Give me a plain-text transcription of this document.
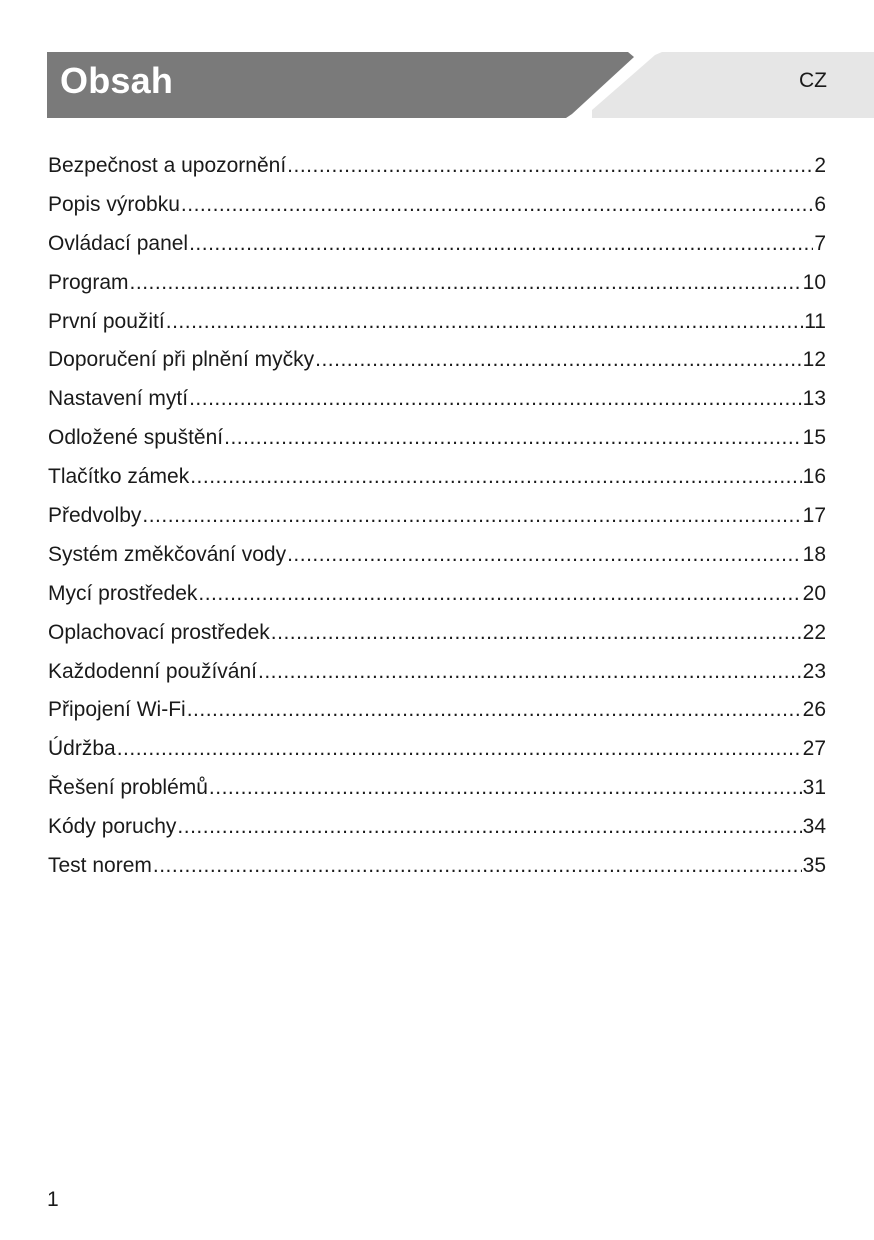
Obsah	CZ
Bezpečnost a upozornění .....	2
Popis výrobku .....	6
Ovládací panel .....	7
Program .....	10
První použití .....	11
Doporučení při plnění myčky .....	12
Nastavení mytí .....	13
Odložené spuštění .....	15
Tlačítko zámek .....	16
Předvolby .....	17
Systém změkčování vody .....	18
Mycí prostředek .....	20
Oplachovací prostředek .....	22
Každodenní používání .....	23
Připojení Wi-Fi .....	26
Údržba .....	27
Řešení problémů .....	31
Kódy poruchy .....	34
Test norem .....	35
1
